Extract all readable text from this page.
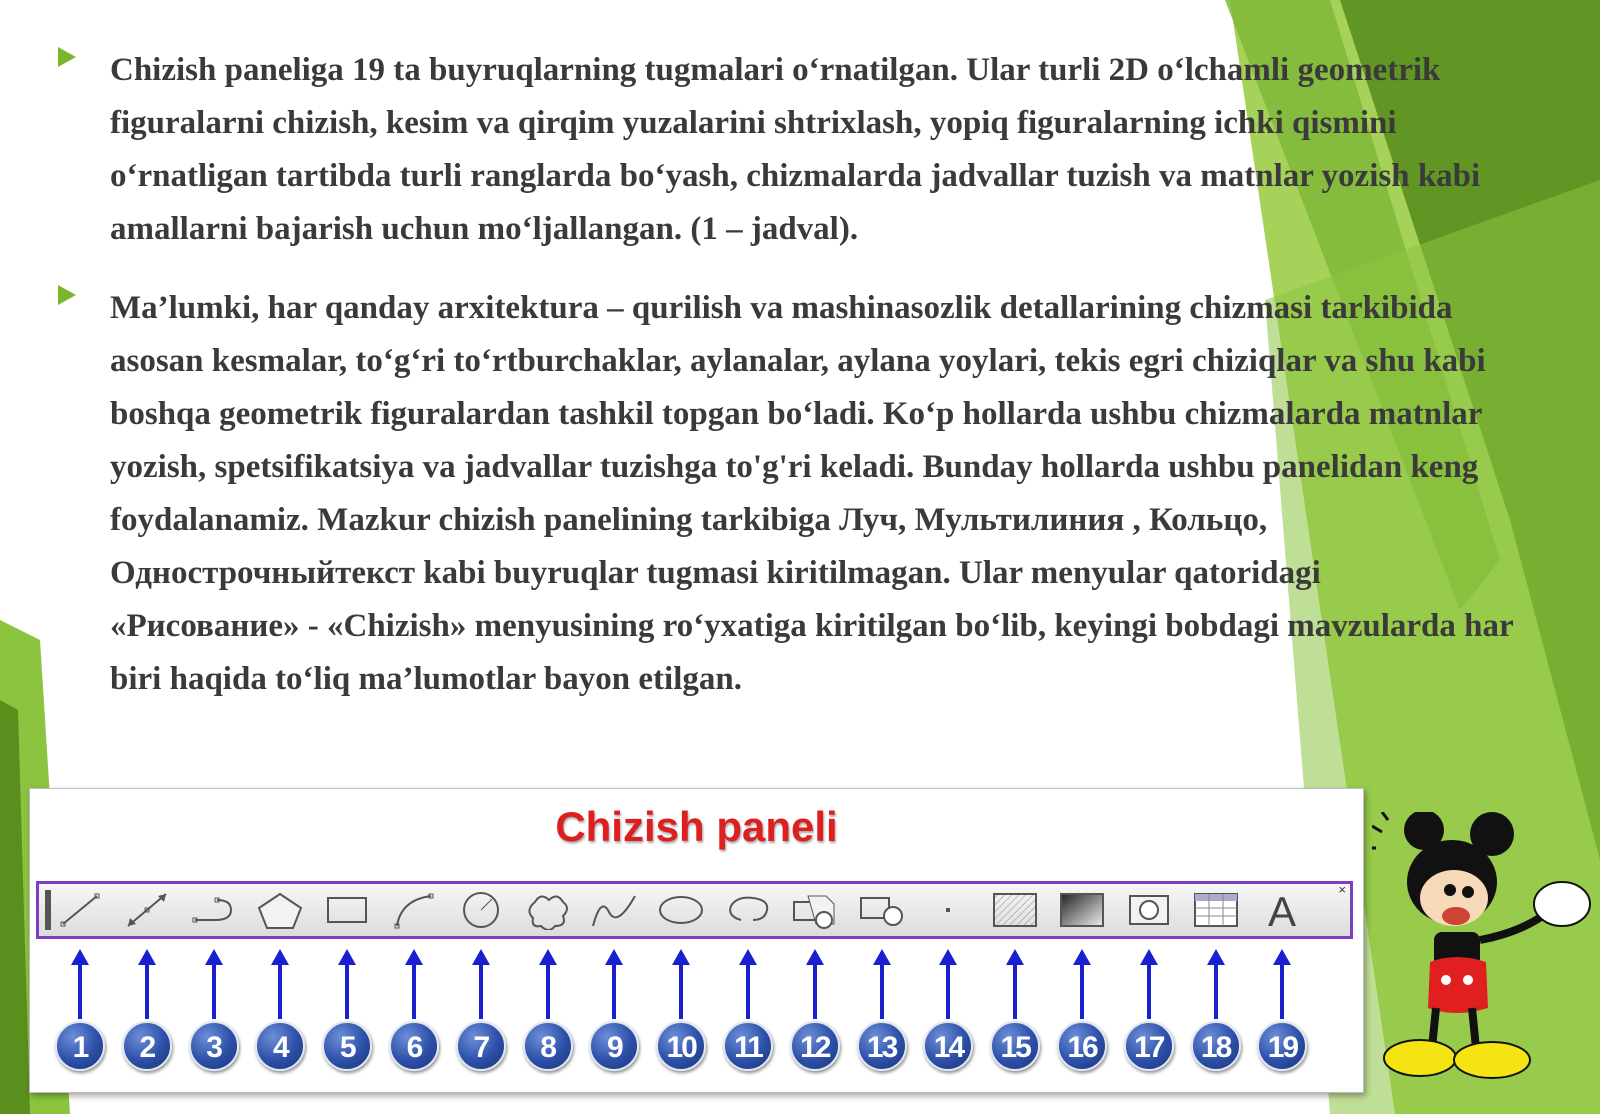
Chizish paneliga 19 ta buyruqlarning tugmalari o‘rnatilgan. Ular turli 2D o‘lchamli geometrik figuralarni chizish, kesim va qirqim yuzalarini shtrixlash, yopiq figuralarning ichki qismini o‘rnatligan tartibda turli ranglarda bo‘yash, chizmalarda jadvallar tuzish va matnlar yozish kabi amallarni bajarish uchun mo‘ljallangan. (1 – jadval).
Ma’lumki, har qanday arxitektura – qurilish va mashinasozlik detallarining chizmasi tarkibida asosan kesmalar, to‘g‘ri to‘rtburchaklar, aylanalar, aylana yoylari, tekis egri chiziqlar va shu kabi boshqa geometrik figuralardan tashkil topgan bo‘ladi. Ko‘p hollarda ushbu chizmalarda matnlar yozish, spetsifikatsiya va jadvallar tuzishga to'g'ri keladi. Bunday hollarda ushbu panelidan keng foydalanamiz. Mazkur chizish panelining tarkibiga Луч, Мультилиния , Кольцо, Однострочныйтекст kabi buyruqlar tugmasi kiritilmagan. Ular menyular qatoridagi «Рисование» - «Chizish» menyusining ro‘yxatiga kiritilgan bo‘lib, keyingi bobdagi mavzularda har biri haqida to‘liq ma’lumotlar bayon etilgan.
Chizish paneli
×
A
1	2	3	4	5	6	7	8	9	10	11	12	13	14	15	16	17	18	19
